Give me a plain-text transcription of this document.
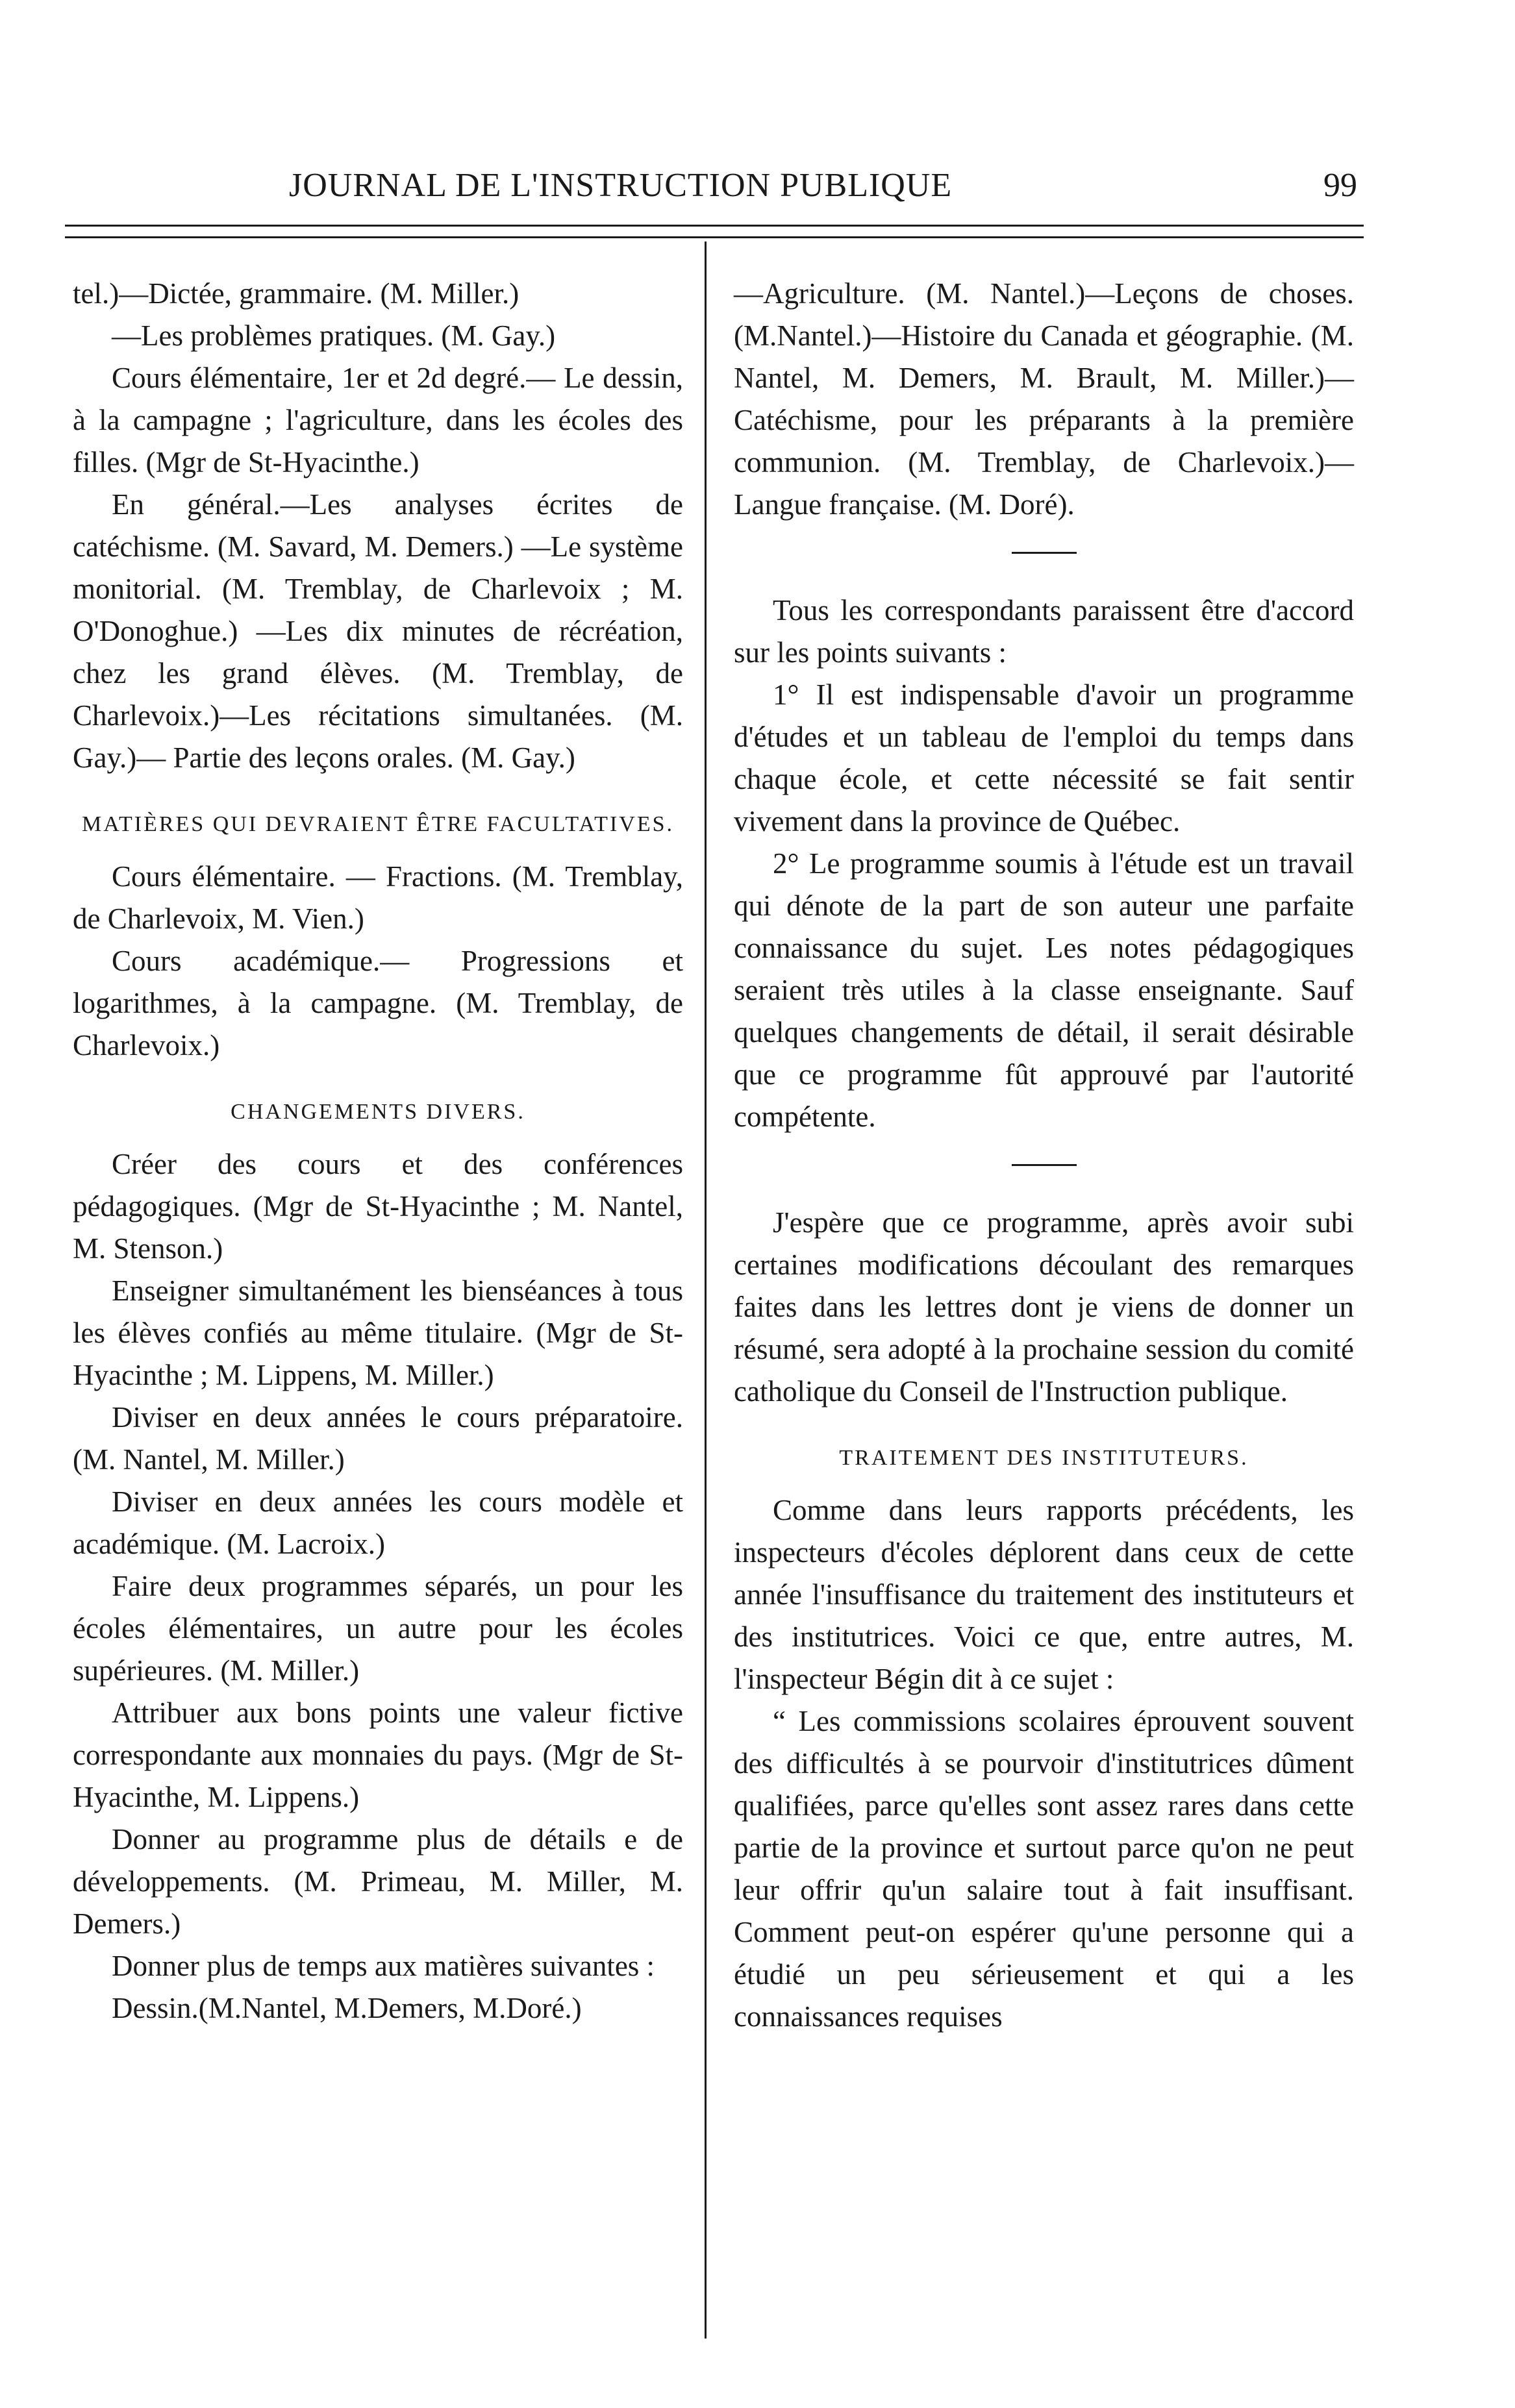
JOURNAL DE L'INSTRUCTION PUBLIQUE	99

tel.)—Dictée, grammaire. (M. Miller.)

—Les problèmes pratiques. (M. Gay.)

Cours élémentaire, 1er et 2d degré.— Le dessin, à la campagne ; l'agriculture, dans les écoles des filles. (Mgr de St-Hyacinthe.)

En général.—Les analyses écrites de catéchisme. (M. Savard, M. Demers.) —Le système monitorial. (M. Tremblay, de Charlevoix ; M. O'Donoghue.) —Les dix minutes de récréation, chez les grand élèves. (M. Tremblay, de Charlevoix.)—Les récitations simultanées. (M. Gay.)— Partie des leçons orales. (M. Gay.)

MATIÈRES QUI DEVRAIENT ÊTRE FACULTATIVES.

Cours élémentaire. — Fractions. (M. Tremblay, de Charlevoix, M. Vien.)

Cours académique.— Progressions et logarithmes, à la campagne. (M. Tremblay, de Charlevoix.)

CHANGEMENTS DIVERS.

Créer des cours et des conférences pédagogiques. (Mgr de St-Hyacinthe ; M. Nantel, M. Stenson.)

Enseigner simultanément les bienséances à tous les élèves confiés au même titulaire. (Mgr de St-Hyacinthe ; M. Lippens, M. Miller.)

Diviser en deux années le cours préparatoire. (M. Nantel, M. Miller.)

Diviser en deux années les cours modèle et académique. (M. Lacroix.)

Faire deux programmes séparés, un pour les écoles élémentaires, un autre pour les écoles supérieures. (M. Miller.)

Attribuer aux bons points une valeur fictive correspondante aux monnaies du pays. (Mgr de St-Hyacinthe, M. Lippens.)

Donner au programme plus de détails e de développements. (M. Primeau, M. Miller, M. Demers.)

Donner plus de temps aux matières suivantes :

Dessin.(M.Nantel, M.Demers, M.Doré.)

—Agriculture. (M. Nantel.)—Leçons de choses. (M.Nantel.)—Histoire du Canada et géographie. (M. Nantel, M. Demers, M. Brault, M. Miller.)—Catéchisme, pour les préparants à la première communion. (M. Tremblay, de Charlevoix.)—Langue française. (M. Doré).

Tous les correspondants paraissent être d'accord sur les points suivants :

1° Il est indispensable d'avoir un programme d'études et un tableau de l'emploi du temps dans chaque école, et cette nécessité se fait sentir vivement dans la province de Québec.

2° Le programme soumis à l'étude est un travail qui dénote de la part de son auteur une parfaite connaissance du sujet. Les notes pédagogiques seraient très utiles à la classe enseignante. Sauf quelques changements de détail, il serait désirable que ce programme fût approuvé par l'autorité compétente.

J'espère que ce programme, après avoir subi certaines modifications découlant des remarques faites dans les lettres dont je viens de donner un résumé, sera adopté à la prochaine session du comité catholique du Conseil de l'Instruction publique.

TRAITEMENT DES INSTITUTEURS.

Comme dans leurs rapports précédents, les inspecteurs d'écoles déplorent dans ceux de cette année l'insuffisance du traitement des instituteurs et des institutrices. Voici ce que, entre autres, M. l'inspecteur Bégin dit à ce sujet :

“ Les commissions scolaires éprouvent souvent des difficultés à se pourvoir d'institutrices dûment qualifiées, parce qu'elles sont assez rares dans cette partie de la province et surtout parce qu'on ne peut leur offrir qu'un salaire tout à fait insuffisant. Comment peut-on espérer qu'une personne qui a étudié un peu sérieusement et qui a les connaissances requises
